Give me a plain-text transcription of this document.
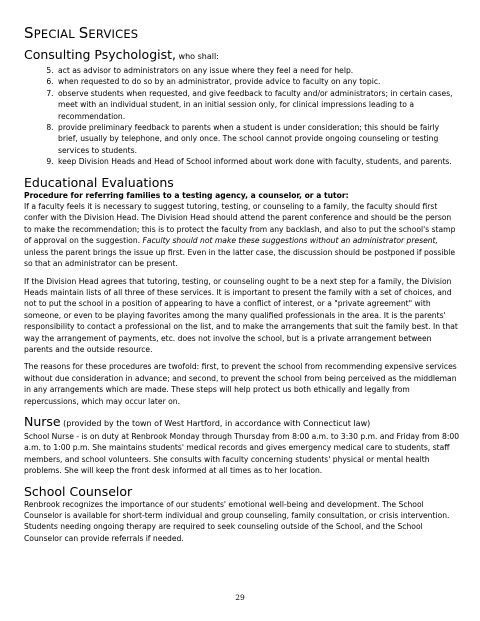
SPECIAL SERVICES
Consulting Psychologist, who shall:
5. act as advisor to administrators on any issue where they feel a need for help.
6. when requested to do so by an administrator, provide advice to faculty on any topic.
7. observe students when requested, and give feedback to faculty and/or administrators; in certain cases, meet with an individual student, in an initial session only, for clinical impressions leading to a recommendation.
8. provide preliminary feedback to parents when a student is under consideration; this should be fairly brief, usually by telephone, and only once. The school cannot provide ongoing counseling or testing services to students.
9. keep Division Heads and Head of School informed about work done with faculty, students, and parents.
Educational Evaluations

Procedure for referring families to a testing agency, a counselor, or a tutor:

If a faculty feels it is necessary to suggest tutoring, testing, or counseling to a family, the faculty should first confer with the Division Head. The Division Head should attend the parent conference and should be the person to make the recommendation; this is to protect the faculty from any backlash, and also to put the school's stamp of approval on the suggestion. Faculty should not make these suggestions without an administrator present, unless the parent brings the issue up first. Even in the latter case, the discussion should be postponed if possible so that an administrator can be present.

If the Division Head agrees that tutoring, testing, or counseling ought to be a next step for a family, the Division Heads maintain lists of all three of these services. It is important to present the family with a set of choices, and not to put the school in a position of appearing to have a conflict of interest, or a "private agreement" with someone, or even to be playing favorites among the many qualified professionals in the area. It is the parents' responsibility to contact a professional on the list, and to make the arrangements that suit the family best. In that way the arrangement of payments, etc. does not involve the school, but is a private arrangement between parents and the outside resource.

The reasons for these procedures are twofold: first, to prevent the school from recommending expensive services without due consideration in advance; and second, to prevent the school from being perceived as the middleman in any arrangements which are made. These steps will help protect us both ethically and legally from repercussions, which may occur later on.

Nurse (provided by the town of West Hartford, in accordance with Connecticut law)

School Nurse - is on duty at Renbrook Monday through Thursday from 8:00 a.m. to 3:30 p.m. and Friday from 8:00 a.m. to 1:00 p.m. She maintains students' medical records and gives emergency medical care to students, staff members, and school volunteers. She consults with faculty concerning students' physical or mental health problems. She will keep the front desk informed at all times as to her location.

School Counselor

Renbrook recognizes the importance of our students' emotional well-being and development. The School Counselor is available for short-term individual and group counseling, family consultation, or crisis intervention. Students needing ongoing therapy are required to seek counseling outside of the School, and the School Counselor can provide referrals if needed.

29
